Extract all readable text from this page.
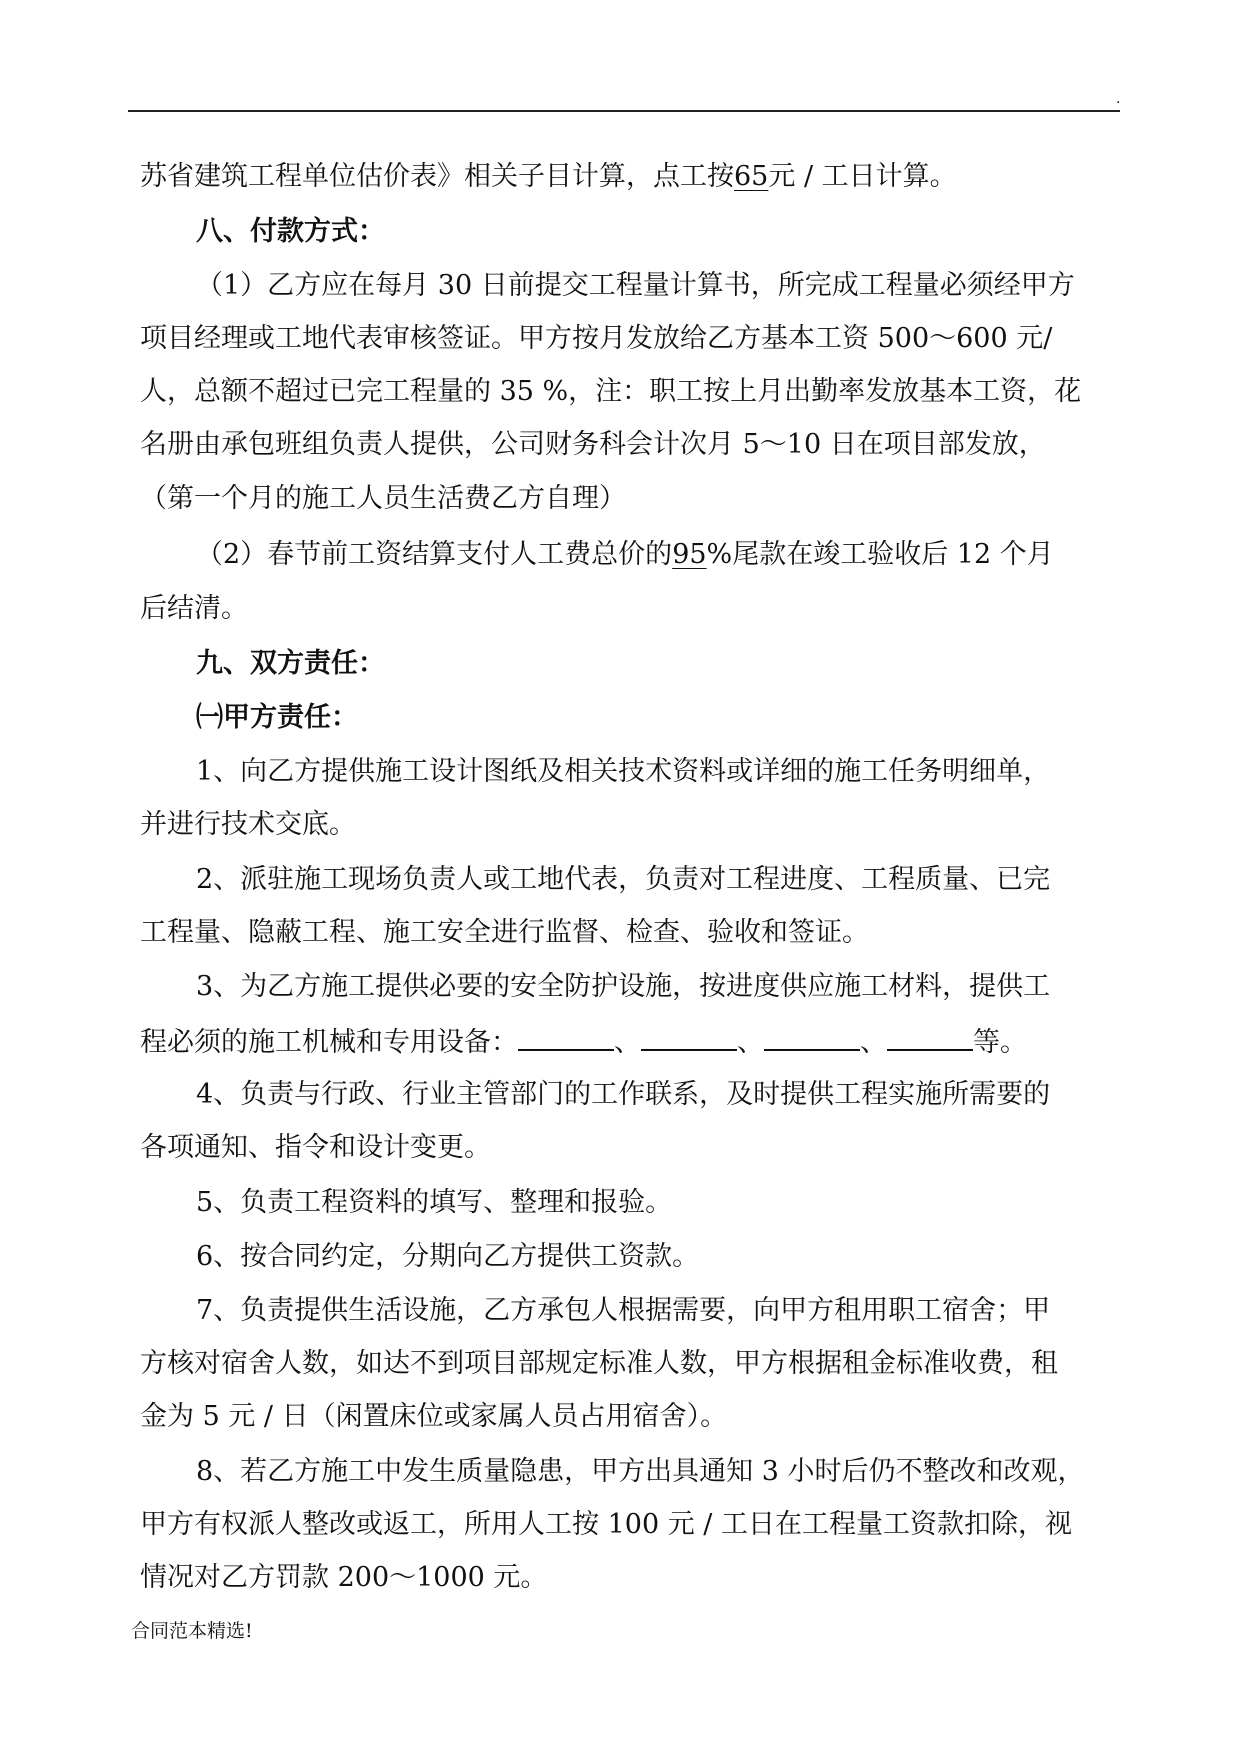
.
苏省建筑工程单位估价表》相关子目计算，点工按65元 / 工日计算。
八、付款方式：
（1）乙方应在每月 30 日前提交工程量计算书，所完成工程量必须经甲方
项目经理或工地代表审核签证。甲方按月发放给乙方基本工资 500～600 元/
人，总额不超过已完工程量的 35 %，注：职工按上月出勤率发放基本工资，花
名册由承包班组负责人提供，公司财务科会计次月 5～10 日在项目部发放，
（第一个月的施工人员生活费乙方自理）
（2）春节前工资结算支付人工费总价的95%尾款在竣工验收后 12 个月
后结清。
九、双方责任：
㈠甲方责任：
1、向乙方提供施工设计图纸及相关技术资料或详细的施工任务明细单，
并进行技术交底。
2、派驻施工现场负责人或工地代表，负责对工程进度、工程质量、已完
工程量、隐蔽工程、施工安全进行监督、检查、验收和签证。
3、为乙方施工提供必要的安全防护设施，按进度供应施工材料，提供工
程必须的施工机械和专用设备：	、	、	、	等。
4、负责与行政、行业主管部门的工作联系，及时提供工程实施所需要的
各项通知、指令和设计变更。
5、负责工程资料的填写、整理和报验。
6、按合同约定，分期向乙方提供工资款。
7、负责提供生活设施，乙方承包人根据需要，向甲方租用职工宿舍；甲
方核对宿舍人数，如达不到项目部规定标准人数，甲方根据租金标准收费，租
金为 5 元 / 日（闲置床位或家属人员占用宿舍）。
8、若乙方施工中发生质量隐患，甲方出具通知 3 小时后仍不整改和改观，
甲方有权派人整改或返工，所用人工按 100 元 / 工日在工程量工资款扣除，视
情况对乙方罚款 200～1000 元。
合同范本精选!
